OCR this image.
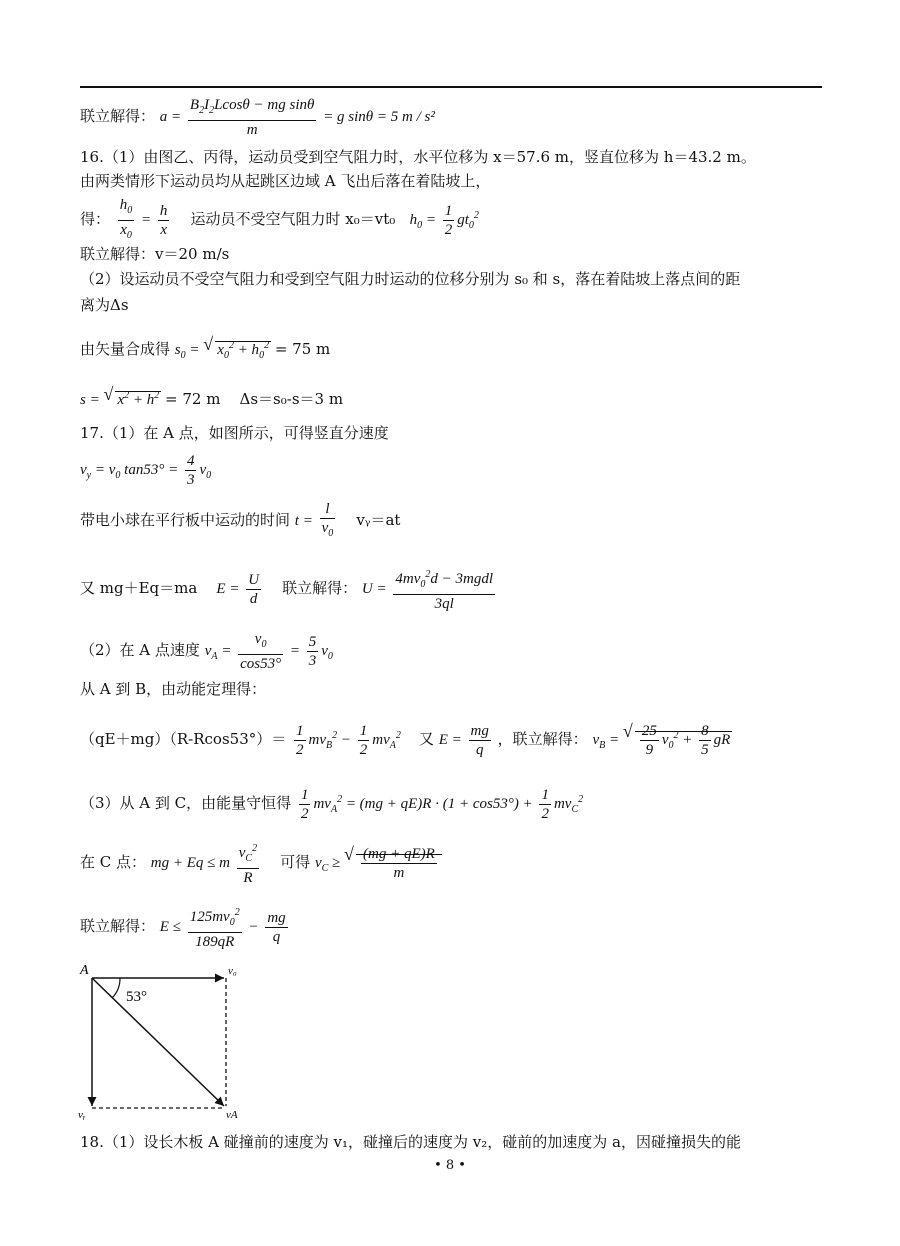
联立解得： $a = \frac{B_2I_2Lcos\theta - mg \sin\theta}{m} = g$ sinθ = 5 m / s²
16.（1）由图乙、丙得，运动员受到空气阻力时，水平位移为 x＝57.6 m，竖直位移为 h＝43.2 m。
由两类情形下运动员均从起跳区边域 A 飞出后落在着陆坡上，
得： $\frac{h_0}{x_0} = \frac{h}{x}$ 运动员不受空气阻力时 x₀＝vt₀ $h_0 = \frac{1}{2} gt_0^2$
联立解得：v＝20 m/s
（2）设运动员不受空气阻力和受到空气阻力时运动的位移分别为 s₀ 和 s，落在着陆坡上落点间的距
离为Δs
由矢量合成得 $s_0$ = √ $x_0^2 + h_0^2 = 75$ m
s = √ $x^2 + h^2 = 72$ m Δs＝s₀-s＝3 m
17.（1）在 A 点，如图所示，可得竖直分速度
$v_y = v_0$ $\tan 53^\circ = \frac{4}{3} v_0$
带电小球在平行板中运动的时间 $t = \frac{l}{v_0}$ vᵧ＝at
又 mg＋Eq＝ma $E = \frac{U}{d}$ 联立解得： $U = \frac{4mv_0^2d - 3mgdl}{3ql}$
（2）在 A 点速度 $v_A = \frac{v_0}{\cos 53^\circ} = \frac{5}{3} v_0$
从 A 到 B，由动能定理得：
$(qE+mg)(R-Rcos53^\circ)= \frac{1}{2} mv_B^2 - \frac{1}{2} mv_A^2$ 又 $E = \frac{mg}{q}$ ，联立解得： $v_B$ = √ $\frac{25}{9} v_0^2 + \frac{8}{5}$ gR
（3）从 A 到 C，由能量守恒得 $\frac{1}{2} mv_A^2 = (mg + qE)R \cdot (1 + \cos 53^\circ) + \frac{1}{2} mv_C^2$
在 C 点： mg + Eq ≤ m $\frac{v_C^2}{R}$ 可得 $v_C$ ≥ √ $\frac{(mg + qE)R}{m}$
联立解得： $E \le \frac{125mv_0^2}{189qR} - \frac{mg}{q}$
A
53°
v₀
vᵧ	vA
18.（1）设长木板 A 碰撞前的速度为 v₁，碰撞后的速度为 v₂，碰前的加速度为 a，因碰撞损失的能
• 8 •
